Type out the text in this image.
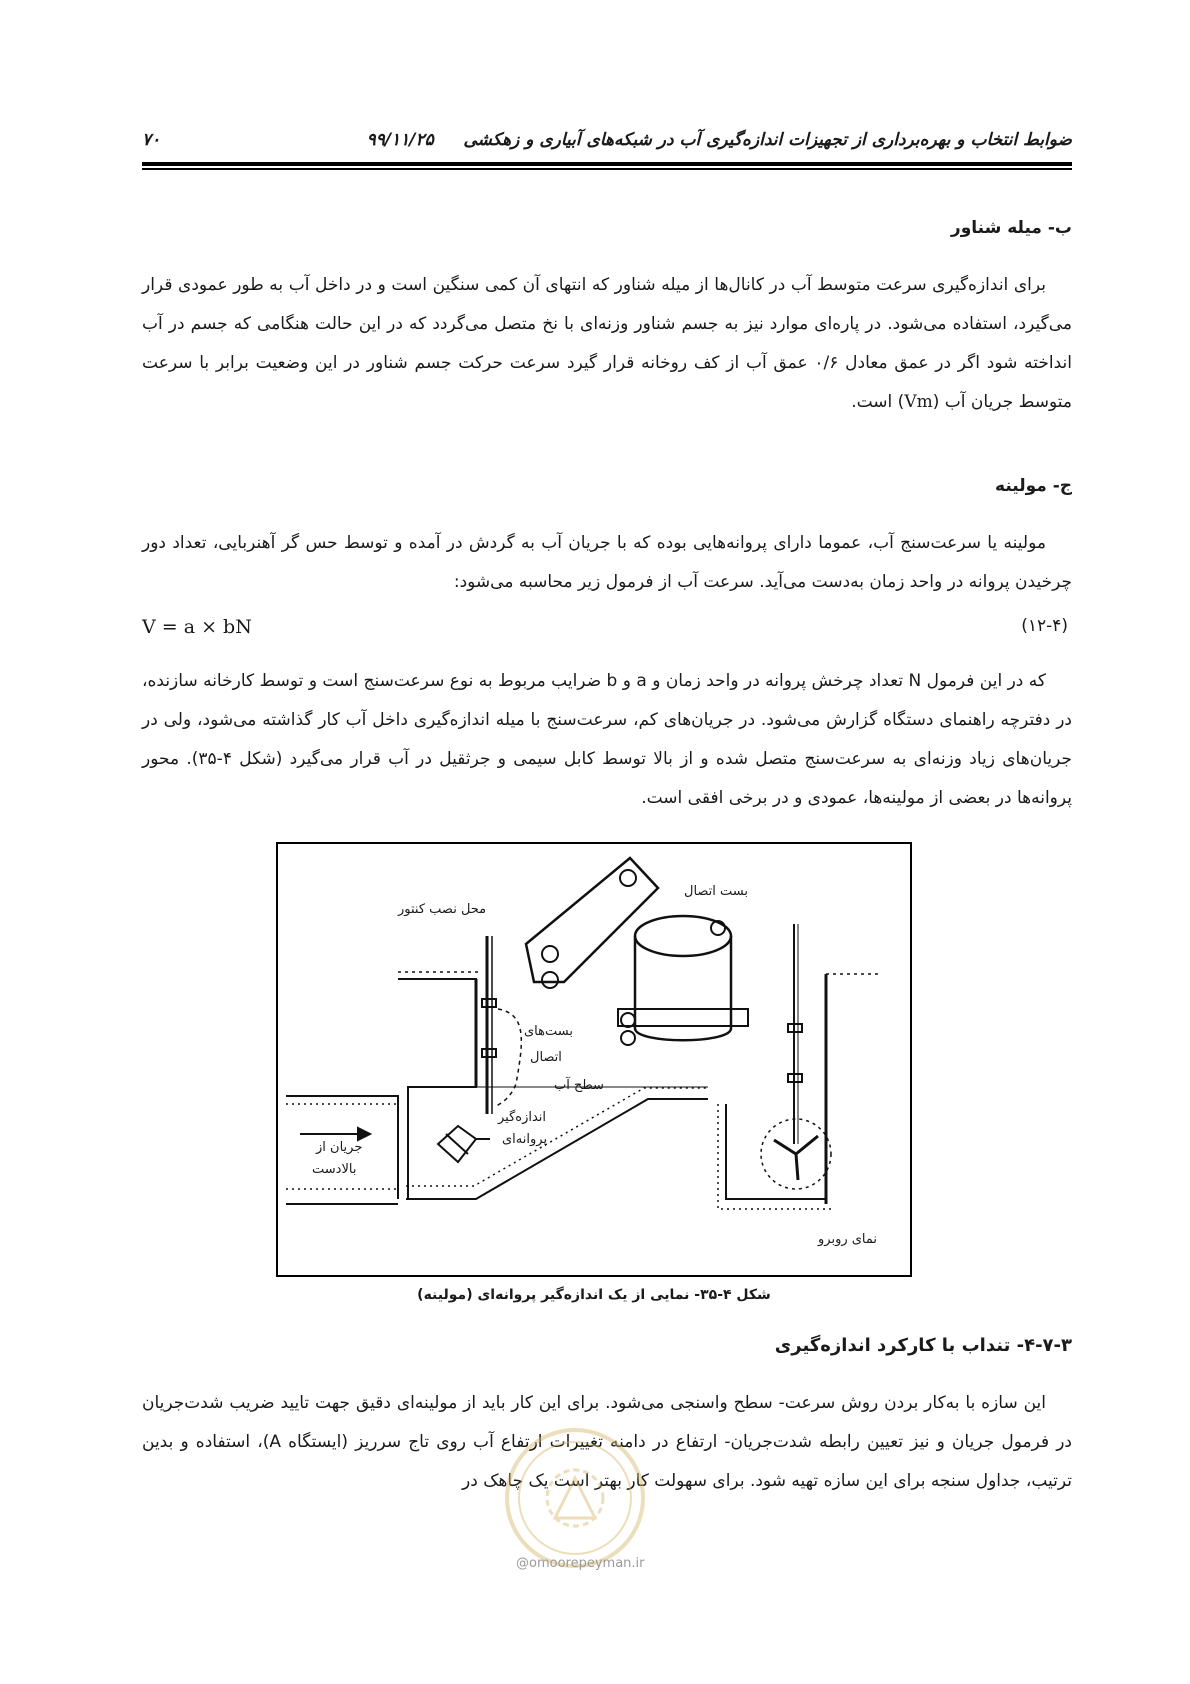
ضوابط انتخاب و بهره‌برداری از تجهیزات اندازه‌گیری آب در شبکه‌های آبیاری و زهکشی     ۹۹/۱۱/۲۵
۷۰
ب- میله شناور
برای اندازه‌گیری سرعت متوسط آب در کانال‌ها از میله شناور که انتهای آن کمی سنگین است و در داخل آب به طور عمودی قرار می‌گیرد، استفاده می‌شود. در پاره‌ای موارد نیز به جسم شناور وزنه‌ای با نخ متصل می‌گردد که در این حالت هنگامی که جسم در آب انداخته شود اگر در عمق معادل ۰/۶ عمق آب از کف روخانه قرار گیرد سرعت حرکت جسم شناور در این وضعیت برابر با سرعت متوسط جریان آب (Vm) است.
ج- مولینه
مولینه یا سرعت‌سنج آب، عموما دارای پروانه‌هایی بوده که با جریان آب به گردش در آمده و توسط حس گر آهنربایی، تعداد دور چرخیدن پروانه در واحد زمان به‌دست می‌آید. سرعت آب از فرمول زیر محاسبه می‌شود:
V = a × bN	(۱۲-۴)
که در این فرمول N تعداد چرخش پروانه در واحد زمان و a و b ضرایب مربوط به نوع سرعت‌سنج است و توسط کارخانه سازنده، در دفترچه راهنمای دستگاه گزارش می‌شود. در جریان‌های کم، سرعت‌سنج با میله اندازه‌گیری داخل آب کار گذاشته می‌شود، ولی در جریان‌های زیاد وزنه‌ای به سرعت‌سنج متصل شده و از بالا توسط کابل سیمی و جرثقیل در آب قرار می‌گیرد (شکل ۴-۳۵). محور پروانه‌ها در بعضی از مولینه‌ها، عمودی و در برخی افقی است.
محل نصب کنتور
بست اتصال
بست‌های
اتصال
سطح آب
اندازه‌گیر
پروانه‌ای
جریان از
بالادست
نمای روبرو
شکل ۴-۳۵- نمایی از یک اندازه‌گیر پروانه‌ای (مولینه)
۴-۷-۳- تنداب با کارکرد اندازه‌گیری
این سازه با به‌کار بردن روش سرعت- سطح واسنجی می‌شود. برای این کار باید از مولینه‌ای دقیق جهت تایید ضریب شدت‌جریان در فرمول جریان و نیز تعیین رابطه شدت‌جریان- ارتفاع در دامنه تغییرات ارتفاع آب روی تاج سرریز (ایستگاه A)، استفاده و بدین ترتیب، جداول سنجه برای این سازه تهیه شود. برای سهولت کار بهتر است یک چاهک در
@omoorepeyman.ir
